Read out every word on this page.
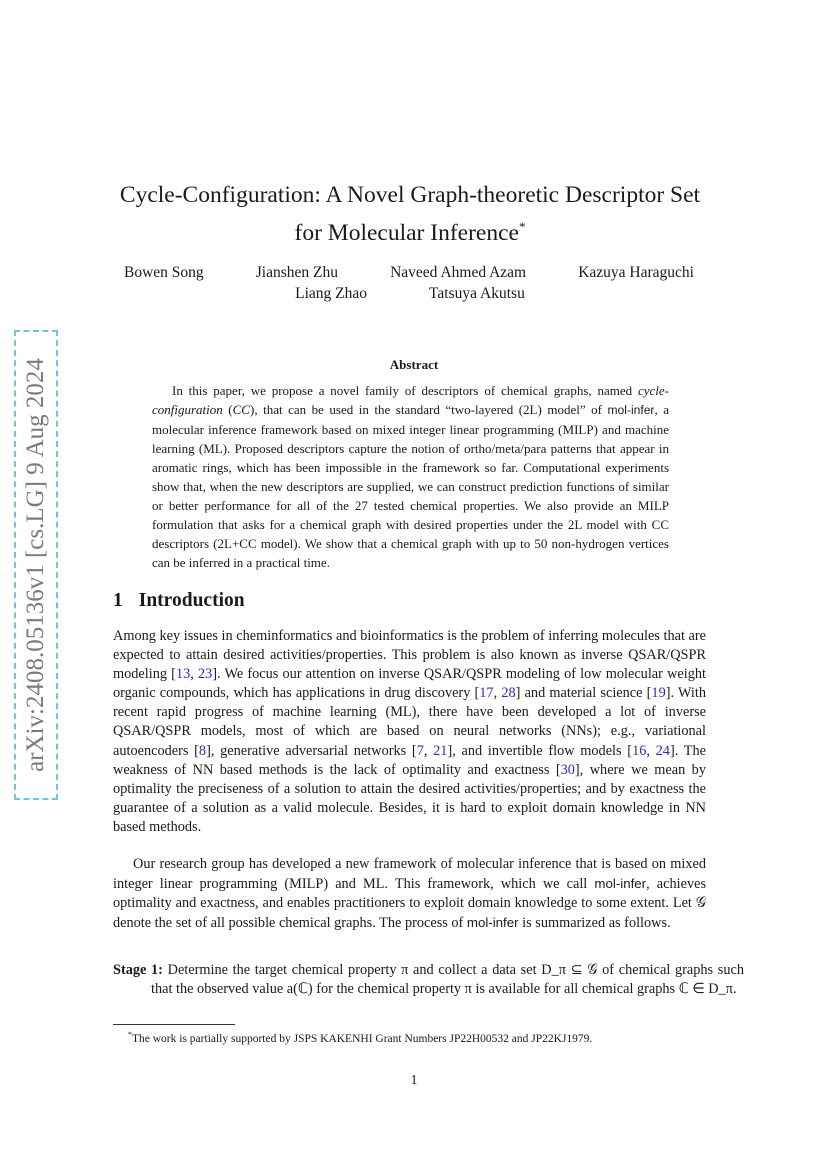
arXiv:2408.05136v1 [cs.LG] 9 Aug 2024
Cycle-Configuration: A Novel Graph-theoretic Descriptor Set
for Molecular Inference*
Bowen Song	Jianshen Zhu	Naveed Ahmed Azam	Kazuya Haraguchi
Liang Zhao	Tatsuya Akutsu
Abstract

In this paper, we propose a novel family of descriptors of chemical graphs, named cycle-configuration (CC), that can be used in the standard “two-layered (2L) model” of mol-infer, a molecular inference framework based on mixed integer linear programming (MILP) and machine learning (ML). Proposed descriptors capture the notion of ortho/meta/para patterns that appear in aromatic rings, which has been impossible in the framework so far. Computational experiments show that, when the new descriptors are supplied, we can construct prediction functions of similar or better performance for all of the 27 tested chemical properties. We also provide an MILP formulation that asks for a chemical graph with desired properties under the 2L model with CC descriptors (2L+CC model). We show that a chemical graph with up to 50 non-hydrogen vertices can be inferred in a practical time.

1 Introduction

Among key issues in cheminformatics and bioinformatics is the problem of inferring molecules that are expected to attain desired activities/properties. This problem is also known as inverse QSAR/QSPR modeling [13, 23]. We focus our attention on inverse QSAR/QSPR modeling of low molecular weight organic compounds, which has applications in drug discovery [17, 28] and material science [19]. With recent rapid progress of machine learning (ML), there have been developed a lot of inverse QSAR/QSPR models, most of which are based on neural networks (NNs); e.g., variational autoencoders [8], generative adversarial networks [7, 21], and invertible flow models [16, 24]. The weakness of NN based methods is the lack of optimality and exactness [30], where we mean by optimality the preciseness of a solution to attain the desired activities/properties; and by exactness the guarantee of a solution as a valid molecule. Besides, it is hard to exploit domain knowledge in NN based methods.

Our research group has developed a new framework of molecular inference that is based on mixed integer linear programming (MILP) and ML. This framework, which we call mol-infer, achieves optimality and exactness, and enables practitioners to exploit domain knowledge to some extent. Let 𝒢 denote the set of all possible chemical graphs. The process of mol-infer is summarized as follows.

Stage 1: Determine the target chemical property π and collect a data set D_π ⊆ 𝒢 of chemical graphs such that the observed value a(ℂ) for the chemical property π is available for all chemical graphs ℂ ∈ D_π.

*The work is partially supported by JSPS KAKENHI Grant Numbers JP22H00532 and JP22KJ1979.
1
